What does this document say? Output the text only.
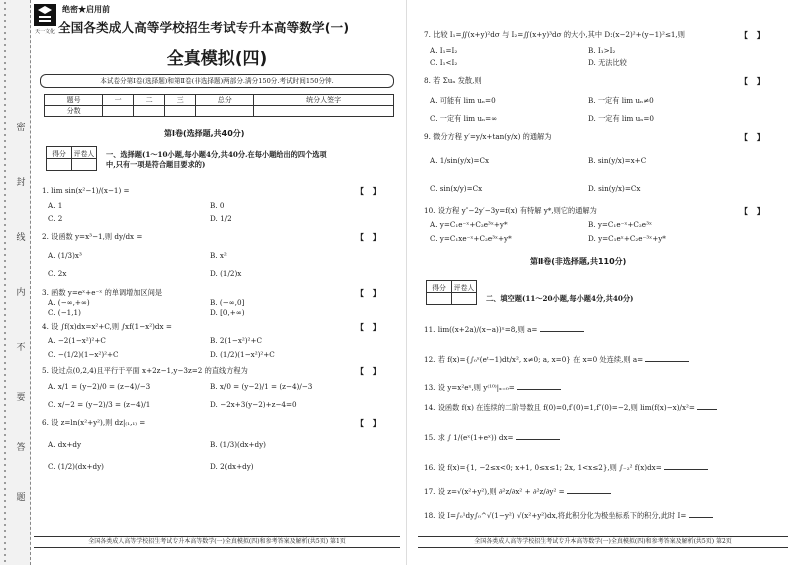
密
封
线
内
不
要
答
题
天一文化
绝密★启用前
全国各类成人高等学校招生考试专升本高等数学(一)
全真模拟(四)
本试卷分第Ⅰ卷(选择题)和第Ⅱ卷(非选择题)两部分.满分150分.考试时间150分钟.
题号	一	二	三	总分	统分人签字
分数					
第Ⅰ卷(选择题,共40分)
得分	评卷人
	一、选择题(1～10小题,每小题4分,共40分.在每小题给出的四个选项
中,只有一项是符合题目要求的)
1. lim sin(x²−1)/(x−1) =	【 】
A. 1	B. 0
C. 2	D. 1/2
2. 设函数 y=x³−1,则 dy/dx =	【 】
A. (1/3)x³	B. x²
C. 2x	D. (1/2)x
3. 函数 y=eˣ+e⁻ˣ 的单调增加区间是	【 】
A. (−∞,+∞)	B. (−∞,0]
C. (−1,1)	D. [0,+∞)
4. 设 ∫f(x)dx=x²+C,则 ∫xf(1−x²)dx =	【 】
A. −2(1−x²)²+C	B. 2(1−x²)²+C
C. −(1/2)(1−x²)²+C	D. (1/2)(1−x²)²+C
5. 设过点(0,2,4)且平行于平面 x+2z−1,y−3z=2 的直线方程为	【 】
A. x/1 = (y−2)/0 = (z−4)/−3	B. x/0 = (y−2)/1 = (z−4)/−3
C. x/−2 = (y−2)/3 = (z−4)/1	D. −2x+3(y−2)+z−4=0
6. 设 z=ln(x²+y²),则 dz|₍₁,₁₎ =	【 】
A. dx+dy	B. (1/3)(dx+dy)
C. (1/2)(dx+dy)	D. 2(dx+dy)
全国各类成人高等学校招生考试专升本高等数学(一)全真模拟(四)和参考答案及解析(共5页) 第1页
7. 比较 I₁=∬(x+y)²dσ 与 I₂=∬(x+y)³dσ 的大小,其中 D:(x−2)²+(y−1)²≤1,则	【 】
A. I₁=I₂	B. I₁>I₂
C. I₁<I₂	D. 无法比较
8. 若 Σuₙ 发散,则	【 】
A. 可能有 lim uₙ=0	B. 一定有 lim uₙ≠0
C. 一定有 lim uₙ=∞	D. 一定有 lim uₙ=0
9. 微分方程 y′=y/x+tan(y/x) 的通解为	【 】
A. 1/sin(y/x)=Cx	B. sin(y/x)=x+C
C. sin(x/y)=Cx	D. sin(y/x)=Cx
10. 设方程 y″−2y′−3y=f(x) 有特解 y*,则它的通解为	【 】
A. y=C₁e⁻ˣ+C₂e³ˣ+y*	B. y=C₁e⁻ˣ+C₂e³ˣ
C. y=C₁xe⁻ˣ+C₂e³ˣ+y*	D. y=C₁eˣ+C₂e⁻³ˣ+y*
第Ⅱ卷(非选择题,共110分)
得分	评卷人

二、填空题(11～20小题,每小题4分,共40分)
11. lim((x+2a)/(x−a))ˣ=8,则 a=
12. 若 f(x)={∫₀ˣ(eᵗ−1)dt/x², x≠0; a, x=0} 在 x=0 处连续,则 a=
13. 设 y=x²eˣ,则 y⁽¹⁰⁾|ₓ₌₀=
14. 设函数 f(x) 在连续的二阶导数且 f(0)=0,f′(0)=1,f″(0)=−2,则 lim(f(x)−x)/x²=
15. 求 ∫ 1/(eˣ(1+eˣ)) dx=
16. 设 f(x)={1, −2≤x<0; x+1, 0≤x≤1; 2x, 1<x≤2},则 ∫₋₂² f(x)dx=
17. 设 z=√(x²+y²),则 ∂²z/∂x² + ∂²z/∂y² =
18. 设 I=∫₀¹dy∫₀^√(1−y²) √(x²+y²)dx,将此积分化为极坐标系下的积分,此时 I=
全国各类成人高等学校招生考试专升本高等数学(一)全真模拟(四)和参考答案及解析(共5页) 第2页
